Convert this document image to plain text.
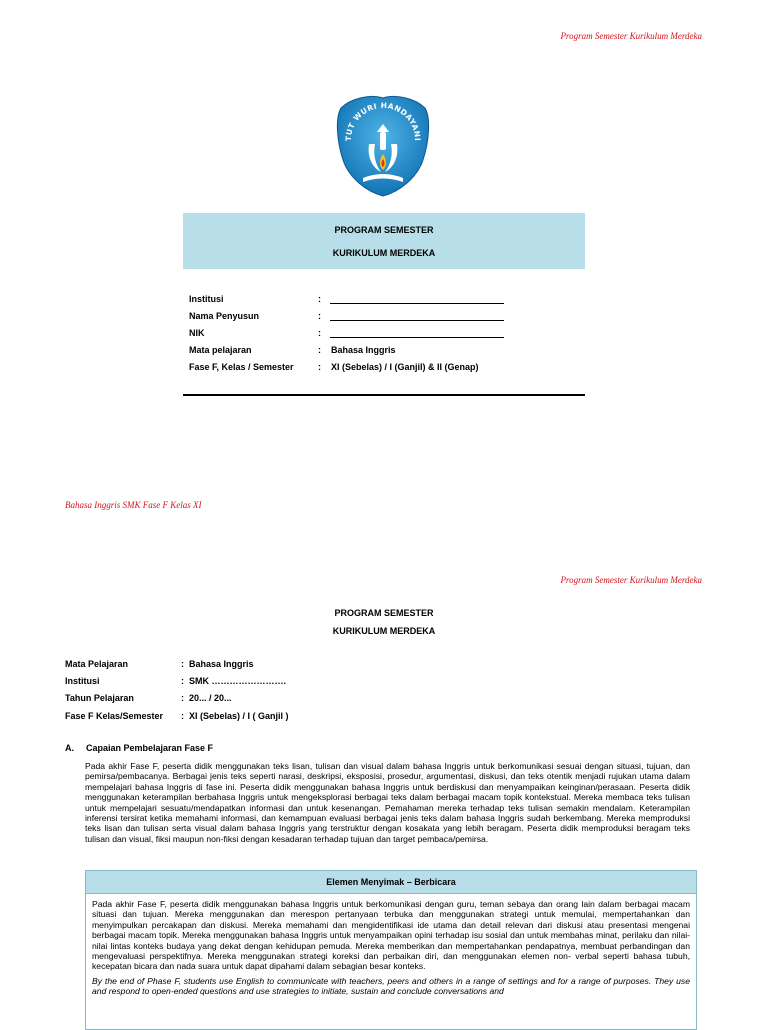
Program Semester Kurikulum Merdeka
TUT WURI HANDAYANI
PROGRAM SEMESTER
KURIKULUM MERDEKA
Institusi	:
Nama Penyusun	:
NIK	:
Mata pelajaran	: Bahasa Inggris
Fase F, Kelas / Semester	: XI (Sebelas) / I (Ganjil) & II (Genap)
Bahasa Inggris SMK Fase F Kelas XI
Program Semester Kurikulum Merdeka
PROGRAM SEMESTER
KURIKULUM MERDEKA
Mata Pelajaran	: Bahasa Inggris
Institusi	: SMK …………………….
Tahun Pelajaran	: 20... / 20...
Fase F Kelas/Semester : XI (Sebelas) / I ( Ganjil )
A. Capaian Pembelajaran Fase F

Pada akhir Fase F, peserta didik menggunakan teks lisan, tulisan dan visual dalam bahasa Inggris untuk berkomunikasi sesuai dengan situasi, tujuan, dan pemirsa/pembacanya. Berbagai jenis teks seperti narasi, deskripsi, eksposisi, prosedur, argumentasi, diskusi, dan teks otentik menjadi rujukan utama dalam mempelajari bahasa Inggris di fase ini. Peserta didik menggunakan bahasa Inggris untuk berdiskusi dan menyampaikan keinginan/perasaan. Peserta didik menggunakan keterampilan berbahasa Inggris untuk mengeksplorasi berbagai teks dalam berbagai macam topik kontekstual. Mereka membaca teks tulisan untuk mempelajari sesuatu/mendapatkan informasi dan untuk kesenangan. Pemahaman mereka terhadap teks tulisan semakin mendalam. Keterampilan inferensi tersirat ketika memahami informasi, dan kemampuan evaluasi berbagai jenis teks dalam bahasa Inggris sudah berkembang. Mereka memproduksi teks lisan dan tulisan serta visual dalam bahasa Inggris yang terstruktur dengan kosakata yang lebih beragam. Peserta didik memproduksi beragam teks tulisan dan visual, fiksi maupun non-fiksi dengan kesadaran terhadap tujuan dan target pembaca/pemirsa.

Elemen Menyimak – Berbicara

Pada akhir Fase F, peserta didik menggunakan bahasa Inggris untuk berkomunikasi dengan guru, teman sebaya dan orang lain dalam berbagai macam situasi dan tujuan. Mereka menggunakan dan merespon pertanyaan terbuka dan menggunakan strategi untuk memulai, mempertahankan dan menyimpulkan percakapan dan diskusi. Mereka memahami dan mengidentifikasi ide utama dan detail relevan dari diskusi atau presentasi mengenai berbagai macam topik. Mereka menggunakan bahasa Inggris untuk menyampaikan opini terhadap isu sosial dan untuk membahas minat, perilaku dan nilai-nilai lintas konteks budaya yang dekat dengan kehidupan pemuda. Mereka memberikan dan mempertahankan pendapatnya, membuat perbandingan dan mengevaluasi perspektifnya. Mereka menggunakan strategi koreksi dan perbaikan diri, dan menggunakan elemen non- verbal seperti bahasa tubuh, kecepatan bicara dan nada suara untuk dapat dipahami dalam sebagian besar konteks.

By the end of Phase F, students use English to communicate with teachers, peers and others in a range of settings and for a range of purposes. They use and respond to open-ended questions and use strategies to initiate, sustain and conclude conversations and
